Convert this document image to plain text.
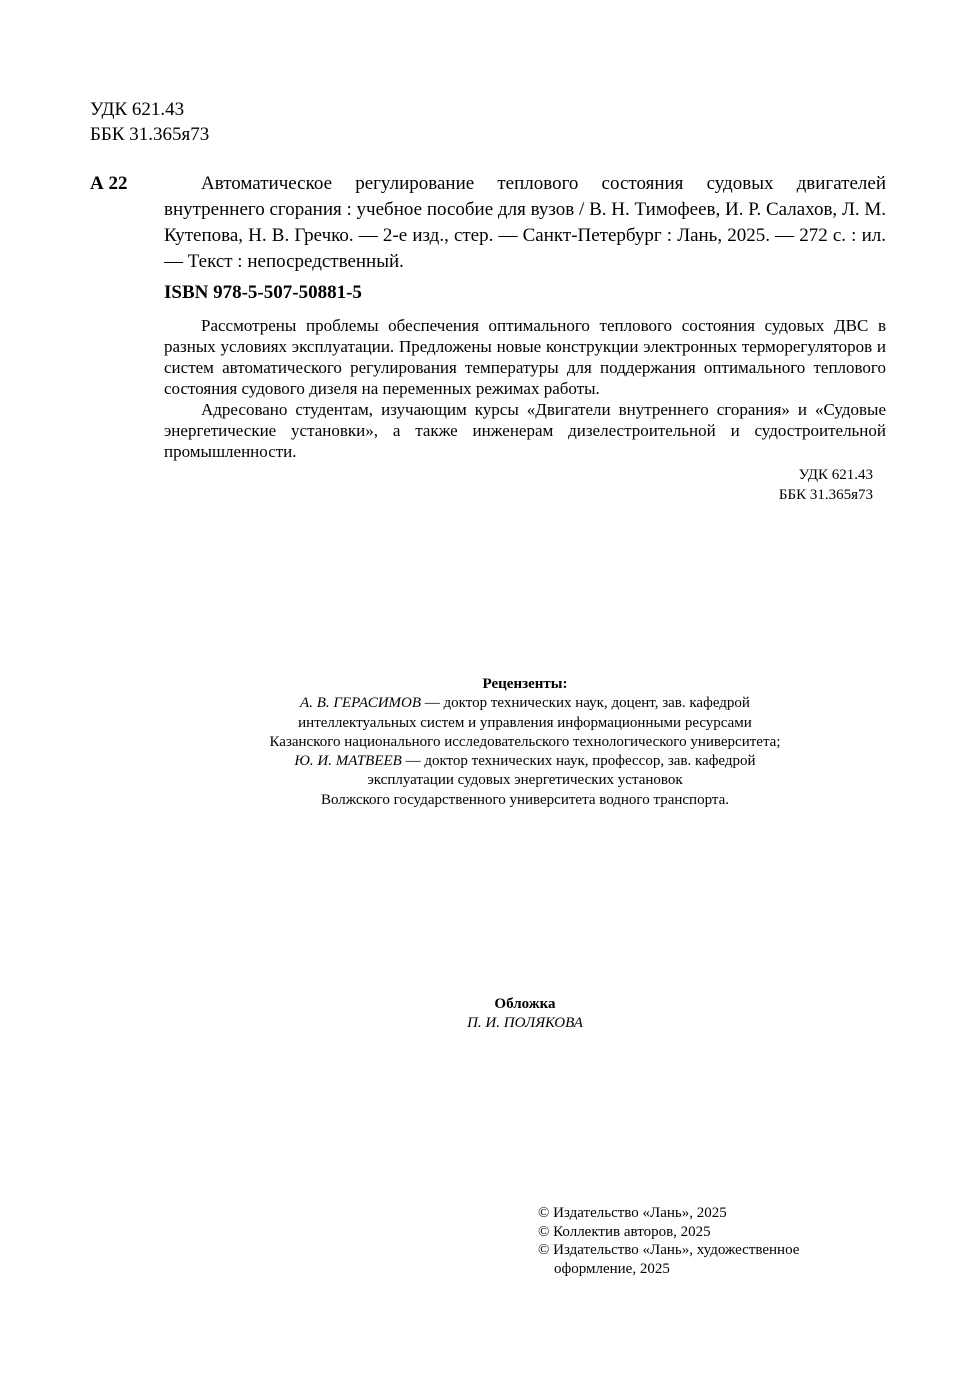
УДК 621.43
ББК 31.365я73
А 22	Автоматическое регулирование теплового состояния судовых двигателей внутреннего сгорания : учебное пособие для вузов / В. Н. Тимофеев, И. Р. Салахов, Л. М. Кутепова, Н. В. Гречко. — 2-е изд., стер. — Санкт-Петербург : Лань, 2025. — 272 с. : ил. — Текст : непосредственный.

ISBN 978-5-507-50881-5

Рассмотрены проблемы обеспечения оптимального теплового состояния судовых ДВС в разных условиях эксплуатации. Предложены новые конструкции электронных терморегуляторов и систем автоматического регулирования температуры для поддержания оптимального теплового состояния судового дизеля на переменных режимах работы.

Адресовано студентам, изучающим курсы «Двигатели внутреннего сгорания» и «Судовые энергетические установки», а также инженерам дизелестроительной и судостроительной промышленности.

УДК 621.43
ББК 31.365я73
Рецензенты:
А. В. ГЕРАСИМОВ — доктор технических наук, доцент, зав. кафедрой
интеллектуальных систем и управления информационными ресурсами
Казанского национального исследовательского технологического университета;
Ю. И. МАТВЕЕВ — доктор технических наук, профессор, зав. кафедрой
эксплуатации судовых энергетических установок
Волжского государственного университета водного транспорта.
Обложка
П. И. ПОЛЯКОВА
© Издательство «Лань», 2025
© Коллектив авторов, 2025
© Издательство «Лань», художественное
оформление, 2025
